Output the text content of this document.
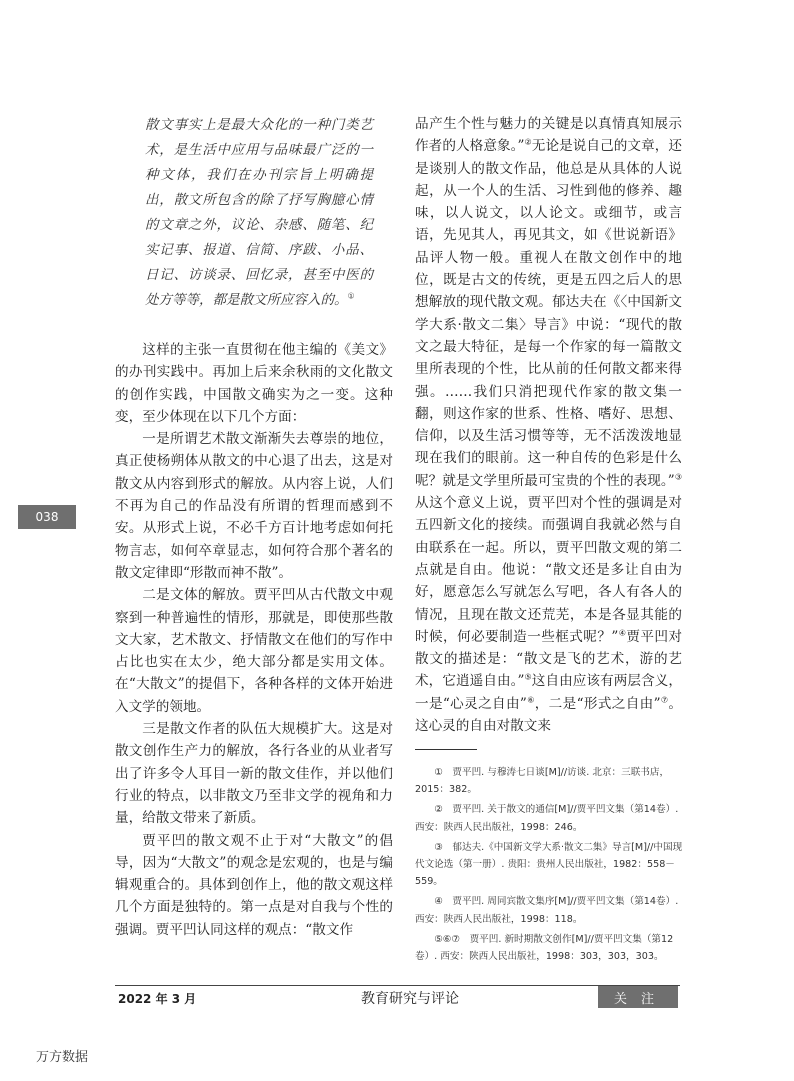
038
散文事实上是最大众化的一种门类艺术，是生活中应用与品味最广泛的一种文体，我们在办刊宗旨上明确提出，散文所包含的除了抒写胸臆心情的文章之外，议论、杂感、随笔、纪实记事、报道、信简、序跋、小品、日记、访谈录、回忆录，甚至中医的处方等等，都是散文所应容入的。①

这样的主张一直贯彻在他主编的《美文》的办刊实践中。再加上后来余秋雨的文化散文的创作实践，中国散文确实为之一变。这种变，至少体现在以下几个方面：

一是所谓艺术散文渐渐失去尊崇的地位，真正使杨朔体从散文的中心退了出去，这是对散文从内容到形式的解放。从内容上说，人们不再为自己的作品没有所谓的哲理而感到不安。从形式上说，不必千方百计地考虑如何托物言志，如何卒章显志，如何符合那个著名的散文定律即“形散而神不散”。

二是文体的解放。贾平凹从古代散文中观察到一种普遍性的情形，那就是，即使那些散文大家，艺术散文、抒情散文在他们的写作中占比也实在太少，绝大部分都是实用文体。在“大散文”的提倡下，各种各样的文体开始进入文学的领地。

三是散文作者的队伍大规模扩大。这是对散文创作生产力的解放，各行各业的从业者写出了许多令人耳目一新的散文佳作，并以他们行业的特点，以非散文乃至非文学的视角和力量，给散文带来了新质。

贾平凹的散文观不止于对“大散文”的倡导，因为“大散文”的观念是宏观的，也是与编辑观重合的。具体到创作上，他的散文观这样几个方面是独特的。第一点是对自我与个性的强调。贾平凹认同这样的观点：“散文作

品产生个性与魅力的关键是以真情真知展示作者的人格意象。”②无论是说自己的文章，还是谈别人的散文作品，他总是从具体的人说起，从一个人的生活、习性到他的修养、趣味，以人说文，以人论文。或细节，或言语，先见其人，再见其文，如《世说新语》品评人物一般。重视人在散文创作中的地位，既是古文的传统，更是五四之后人的思想解放的现代散文观。郁达夫在《〈中国新文学大系·散文二集〉导言》中说：“现代的散文之最大特征，是每一个作家的每一篇散文里所表现的个性，比从前的任何散文都来得强。……我们只消把现代作家的散文集一翻，则这作家的世系、性格、嗜好、思想、信仰，以及生活习惯等等，无不活泼泼地显现在我们的眼前。这一种自传的色彩是什么呢？就是文学里所最可宝贵的个性的表现。”③从这个意义上说，贾平凹对个性的强调是对五四新文化的接续。而强调自我就必然与自由联系在一起。所以，贾平凹散文观的第二点就是自由。他说：“散文还是多让自由为好，愿意怎么写就怎么写吧，各人有各人的情况，且现在散文还荒芜，本是各显其能的时候，何必要制造一些框式呢？”④贾平凹对散文的描述是：“散文是飞的艺术，游的艺术，它逍遥自由。”⑤这自由应该有两层含义，一是“心灵之自由”⑥，二是“形式之自由”⑦。这心灵的自由对散文来

①　贾平凹. 与穆涛七日谈[M]//访谈. 北京：三联书店，2015：382。

②　贾平凹. 关于散文的通信[M]//贾平凹文集（第14卷）. 西安：陕西人民出版社，1998：246。

③　郁达夫.《中国新文学大系·散文二集》导言[M]//中国现代文论选（第一册）. 贵阳：贵州人民出版社，1982：558－559。

④　贾平凹. 周同宾散文集序[M]//贾平凹文集（第14卷）. 西安：陕西人民出版社，1998：118。

⑤⑥⑦　贾平凹. 新时期散文创作[M]//贾平凹文集（第12卷）. 西安：陕西人民出版社，1998：303，303，303。

2022 年 3 月	教育研究与评论	关注
万方数据
